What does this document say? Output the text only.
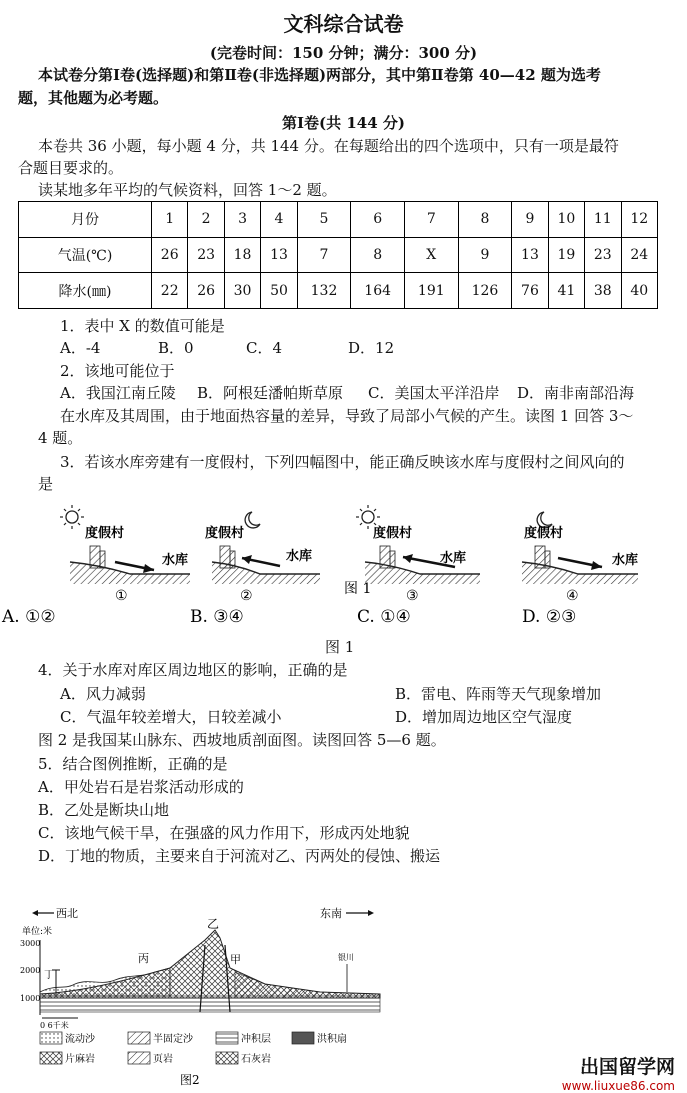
文科综合试卷
(完卷时间：150 分钟；满分：300 分)
本试卷分第Ⅰ卷(选择题)和第Ⅱ卷(非选择题)两部分，其中第Ⅱ卷第 40—42 题为选考
题，其他题为必考题。
第Ⅰ卷(共 144 分)
本卷共 36 小题，每小题 4 分，共 144 分。在每题给出的四个选项中，只有一项是最符
合题目要求的。
读某地多年平均的气候资料，回答 1～2 题。
月份	1	2	3	4	5	6	7	8	9	10	11	12
气温(℃)	26	23	18	13	7	8	X	9	13	19	23	24
降水(㎜)	22	26	30	50	132	164	191	126	76	41	38	40
1．表中 X 的数值可能是
A．-4	B．0	C．4	D．12
2．该地可能位于
A．我国江南丘陵 B．阿根廷潘帕斯草原 C．美国太平洋沿岸 D．南非南部沿海
在水库及其周围，由于地面热容量的差异，导致了局部小气候的产生。读图 1 回答 3～
4 题。
3．若该水库旁建有一度假村，下列四幅图中，能正确反映该水库与度假村之间风向的
是
度假村
水库
①
度假村
水库
②
度假村
水库
③
度假村
水库
④
图 1
A. ①②	B. ③④	C. ①④	D. ②③
图 1
4．关于水库对库区周边地区的影响，正确的是
A．风力减弱	B．雷电、阵雨等天气现象增加
C．气温年较差增大，日较差减小	D．增加周边地区空气湿度
图 2 是我国某山脉东、西坡地质剖面图。读图回答 5—6 题。
5．结合图例推断，正确的是
A．甲处岩石是岩浆活动形成的
B．乙处是断块山地
C．该地气候干旱，在强盛的风力作用下，形成丙处地貌
D．丁地的物质，主要来自于河流对乙、丙两处的侵蚀、搬运
西北	东南
单位:米
3000
2000
1000
乙
丙	甲
丁
银川
0 6千米
流动沙	半固定沙	冲积层	洪积扇
片麻岩	页岩	石灰岩
图2
出国留学网
www.liuxue86.com
